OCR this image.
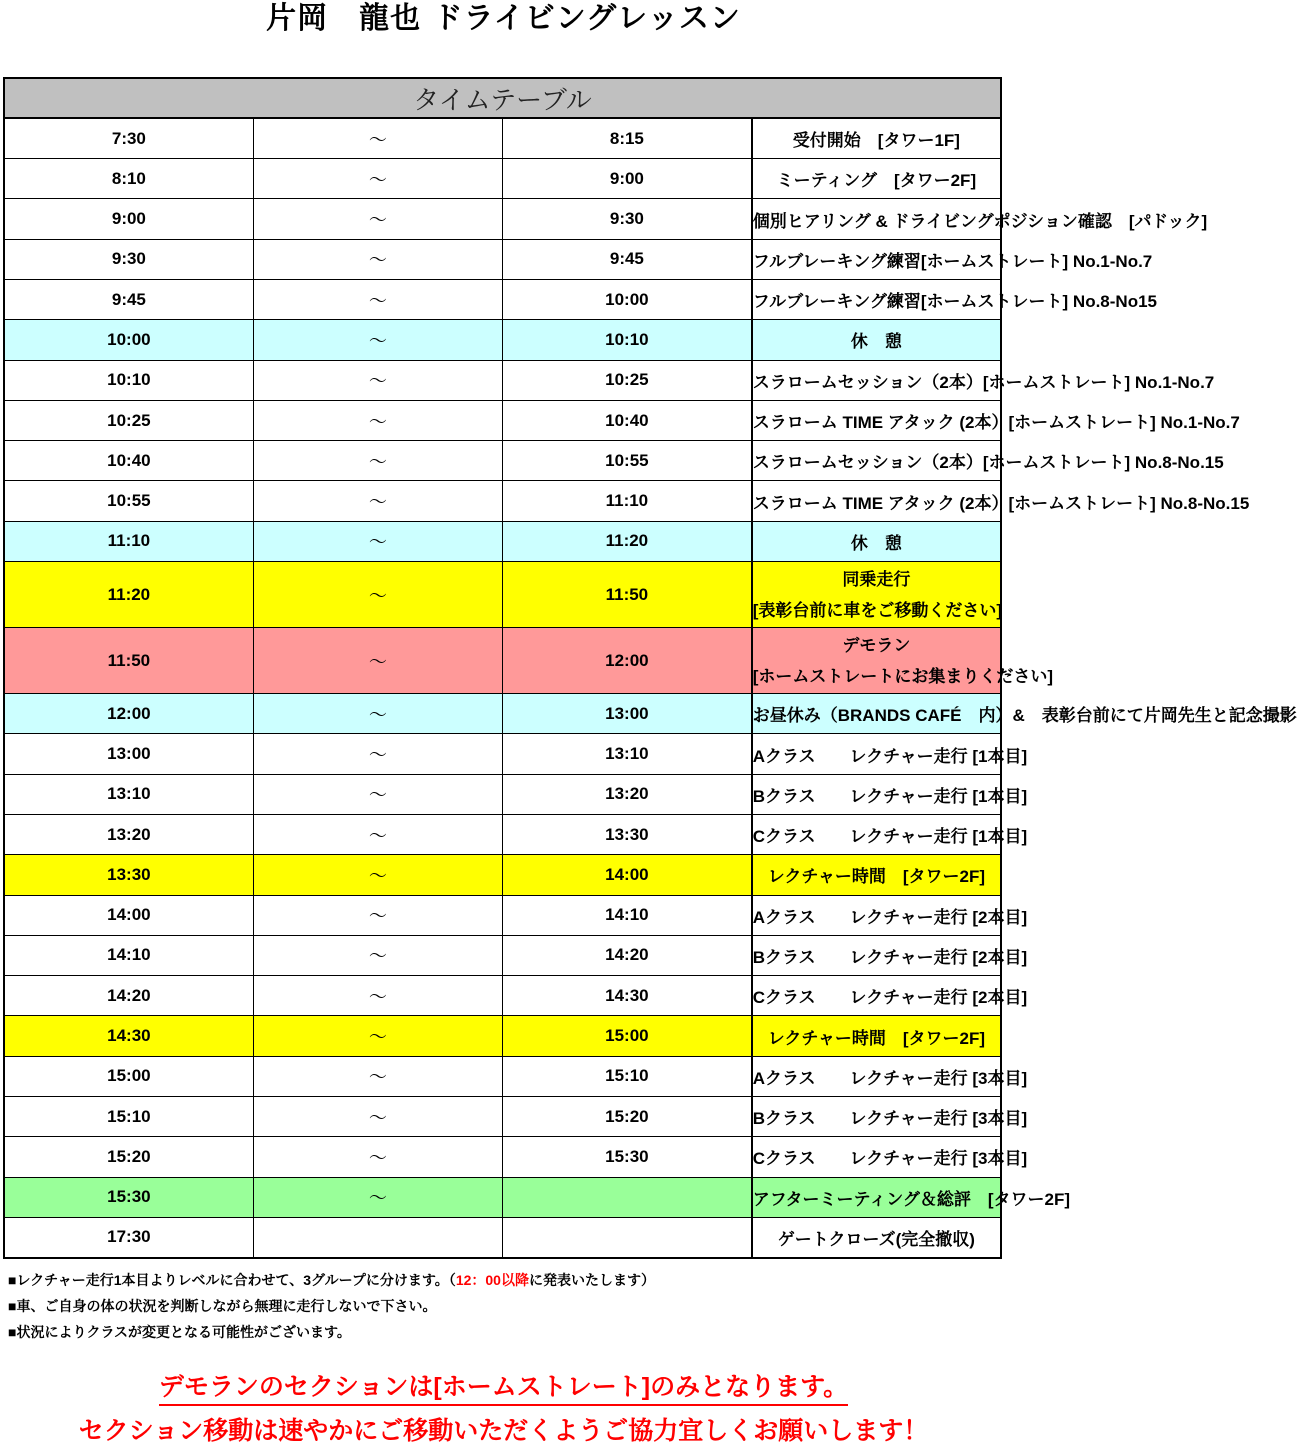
片岡　龍也 ドライビングレッスン
タイムテーブル			
7:30	〜	8:15	受付開始　[タワー1F]
8:10	〜	9:00	ミーティング　[タワー2F]
9:00	〜	9:30	個別ヒアリング & ドライビングポジション確認　[パドック]
9:30	〜	9:45	フルブレーキング練習[ホームストレート] No.1-No.7
9:45	〜	10:00	フルブレーキング練習[ホームストレート] No.8-No15
10:00	〜	10:10	休　憩
10:10	〜	10:25	スラロームセッション（2本）[ホームストレート] No.1-No.7
10:25	〜	10:40	スラローム TIME アタック (2本）[ホームストレート] No.1-No.7
10:40	〜	10:55	スラロームセッション（2本）[ホームストレート] No.8-No.15
10:55	〜	11:10	スラローム TIME アタック (2本）[ホームストレート] No.8-No.15
11:10	〜	11:20	休　憩
11:20	〜	11:50	同乗走行
[表彰台前に車をご移動ください]

11:50	〜	12:00	デモラン
[ホームストレートにお集まりください]

12:00	〜	13:00	お昼休み（BRANDS CAFÉ　内）&　表彰台前にて片岡先生と記念撮影
13:00	〜	13:10	Aクラス　　レクチャー走行 [1本目]
13:10	〜	13:20	Bクラス　　レクチャー走行 [1本目]
13:20	〜	13:30	Cクラス　　レクチャー走行 [1本目]
13:30	〜	14:00	レクチャー時間　[タワー2F]
14:00	〜	14:10	Aクラス　　レクチャー走行 [2本目]
14:10	〜	14:20	Bクラス　　レクチャー走行 [2本目]
14:20	〜	14:30	Cクラス　　レクチャー走行 [2本目]
14:30	〜	15:00	レクチャー時間　[タワー2F]
15:00	〜	15:10	Aクラス　　レクチャー走行 [3本目]
15:10	〜	15:20	Bクラス　　レクチャー走行 [3本目]
15:20	〜	15:30	Cクラス　　レクチャー走行 [3本目]
15:30	〜		アフターミーティング＆総評　[タワー2F]
17:30			ゲートクローズ(完全撤収)
■レクチャー走行1本目よりレベルに合わせて、3グループに分けます。（12：00以降に発表いたします）
■車、ご自身の体の状況を判断しながら無理に走行しないで下さい。
■状況によりクラスが変更となる可能性がございます。
デモランのセクションは[ホームストレート]のみとなります。
セクション移動は速やかにご移動いただくようご協力宜しくお願いします！
